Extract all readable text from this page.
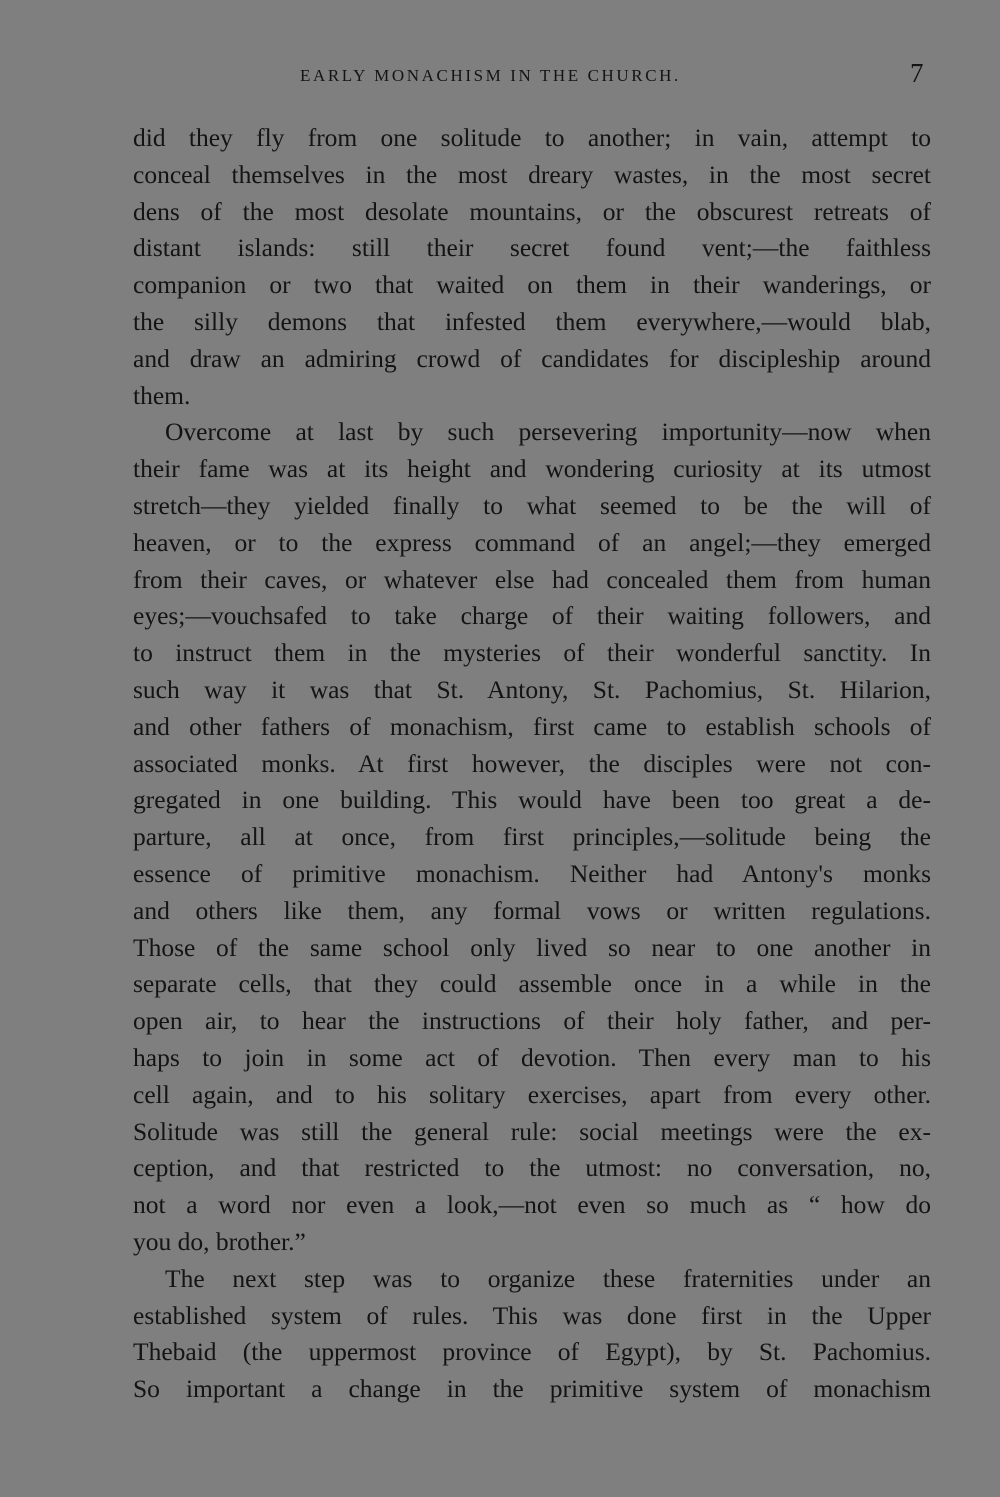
EARLY MONACHISM IN THE CHURCH.	7
did they fly from one solitude to another; in vain, attempt to
conceal themselves in the most dreary wastes, in the most secret
dens of the most desolate mountains, or the obscurest retreats of
distant islands: still their secret found vent;—the faithless
companion or two that waited on them in their wanderings, or
the silly demons that infested them everywhere,—would blab,
and draw an admiring crowd of candidates for discipleship around
them.
Overcome at last by such persevering importunity—now when
their fame was at its height and wondering curiosity at its utmost
stretch—they yielded finally to what seemed to be the will of
heaven, or to the express command of an angel;—they emerged
from their caves, or whatever else had concealed them from human
eyes;—vouchsafed to take charge of their waiting followers, and
to instruct them in the mysteries of their wonderful sanctity. In
such way it was that St. Antony, St. Pachomius, St. Hilarion,
and other fathers of monachism, first came to establish schools of
associated monks. At first however, the disciples were not con-
gregated in one building. This would have been too great a de-
parture, all at once, from first principles,—solitude being the
essence of primitive monachism. Neither had Antony's monks
and others like them, any formal vows or written regulations.
Those of the same school only lived so near to one another in
separate cells, that they could assemble once in a while in the
open air, to hear the instructions of their holy father, and per-
haps to join in some act of devotion. Then every man to his
cell again, and to his solitary exercises, apart from every other.
Solitude was still the general rule: social meetings were the ex-
ception, and that restricted to the utmost: no conversation, no,
not a word nor even a look,—not even so much as “ how do
you do, brother.”
The next step was to organize these fraternities under an
established system of rules. This was done first in the Upper
Thebaid (the uppermost province of Egypt), by St. Pachomius.
So important a change in the primitive system of monachism
